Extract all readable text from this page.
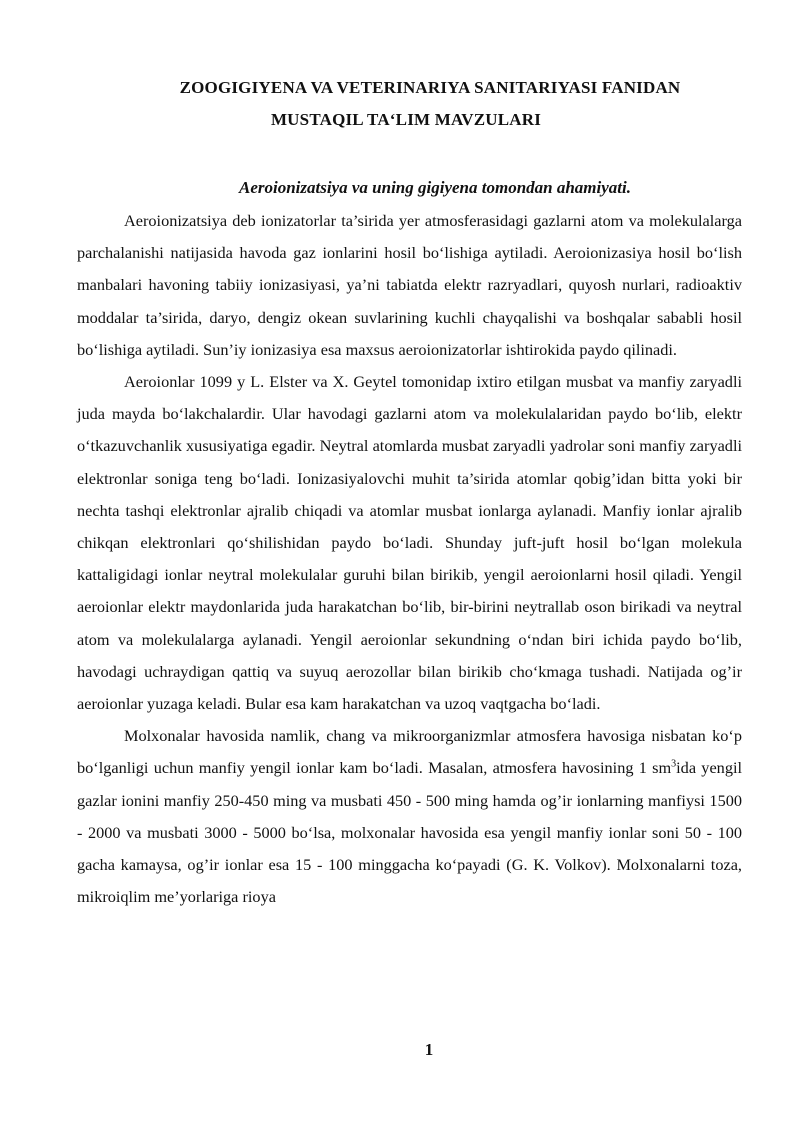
ZOOGIGIYENA VA VETERINARIYA SANITARIYASI FANIDAN
MUSTAQIL TA‘LIM MAVZULARI
Aeroionizatsiya va uning gigiyena tomondan ahamiyati.

Aeroionizatsiya deb ionizatorlar ta’sirida yer atmosferasidagi gazlarni atom va molekulalarga parchalanishi natijasida havoda gaz ionlarini hosil bo‘lishiga aytiladi. Aeroionizasiya hosil bo‘lish manbalari havoning tabiiy ionizasiyasi, ya’ni tabiatda elektr razryadlari, quyosh nurlari, radioaktiv moddalar ta’sirida, daryo, dengiz okean suvlarining kuchli chayqalishi va boshqalar sababli hosil bo‘lishiga aytiladi. Sun’iy ionizasiya esa maxsus aeroionizatorlar ishtirokida paydo qilinadi.

Aeroionlar 1099 y L. Elster va X. Geytel tomonidap ixtiro etilgan musbat va manfiy zaryadli juda mayda bo‘lakchalardir. Ular havodagi gazlarni atom va molekulalaridan paydo bo‘lib, elektr o‘tkazuvchanlik xususiyatiga egadir. Neytral atomlarda musbat zaryadli yadrolar soni manfiy zaryadli elektronlar soniga teng bo‘ladi. Ionizasiyalovchi muhit ta’sirida atomlar qobig’idan bitta yoki bir nechta tashqi elektronlar ajralib chiqadi va atomlar musbat ionlarga aylanadi. Manfiy ionlar ajralib chikqan elektronlari qo‘shilishidan paydo bo‘ladi. Shunday juft-juft hosil bo‘lgan molekula kattaligidagi ionlar neytral molekulalar guruhi bilan birikib, yengil aeroionlarni hosil qiladi. Yengil aeroionlar elektr maydonlarida juda harakatchan bo‘lib, bir-birini neytrallab oson birikadi va neytral atom va molekulalarga aylanadi. Yengil aeroionlar sekundning o‘ndan biri ichida paydo bo‘lib, havodagi uchraydigan qattiq va suyuq aerozollar bilan birikib cho‘kmaga tushadi. Natijada og’ir aeroionlar yuzaga keladi. Bular esa kam harakatchan va uzoq vaqtgacha bo‘ladi.

Molxonalar havosida namlik, chang va mikroorganizmlar atmosfera havosiga nisbatan ko‘p bo‘lganligi uchun manfiy yengil ionlar kam bo‘ladi. Masalan, atmosfera havosining 1 $sm^3ida$ yengil gazlar ionini manfiy 250-450 ming va musbati 450 - 500 ming hamda og’ir ionlarning manfiysi 1500 - 2000 va musbati 3000 - 5000 bo‘lsa, molxonalar havosida esa yengil manfiy ionlar soni 50 - 100 gacha kamaysa, og’ir ionlar esa 15 - 100 minggacha ko‘payadi (G. K. Volkov). Molxonalarni toza, mikroiqlim me’yorlariga rioya

1
